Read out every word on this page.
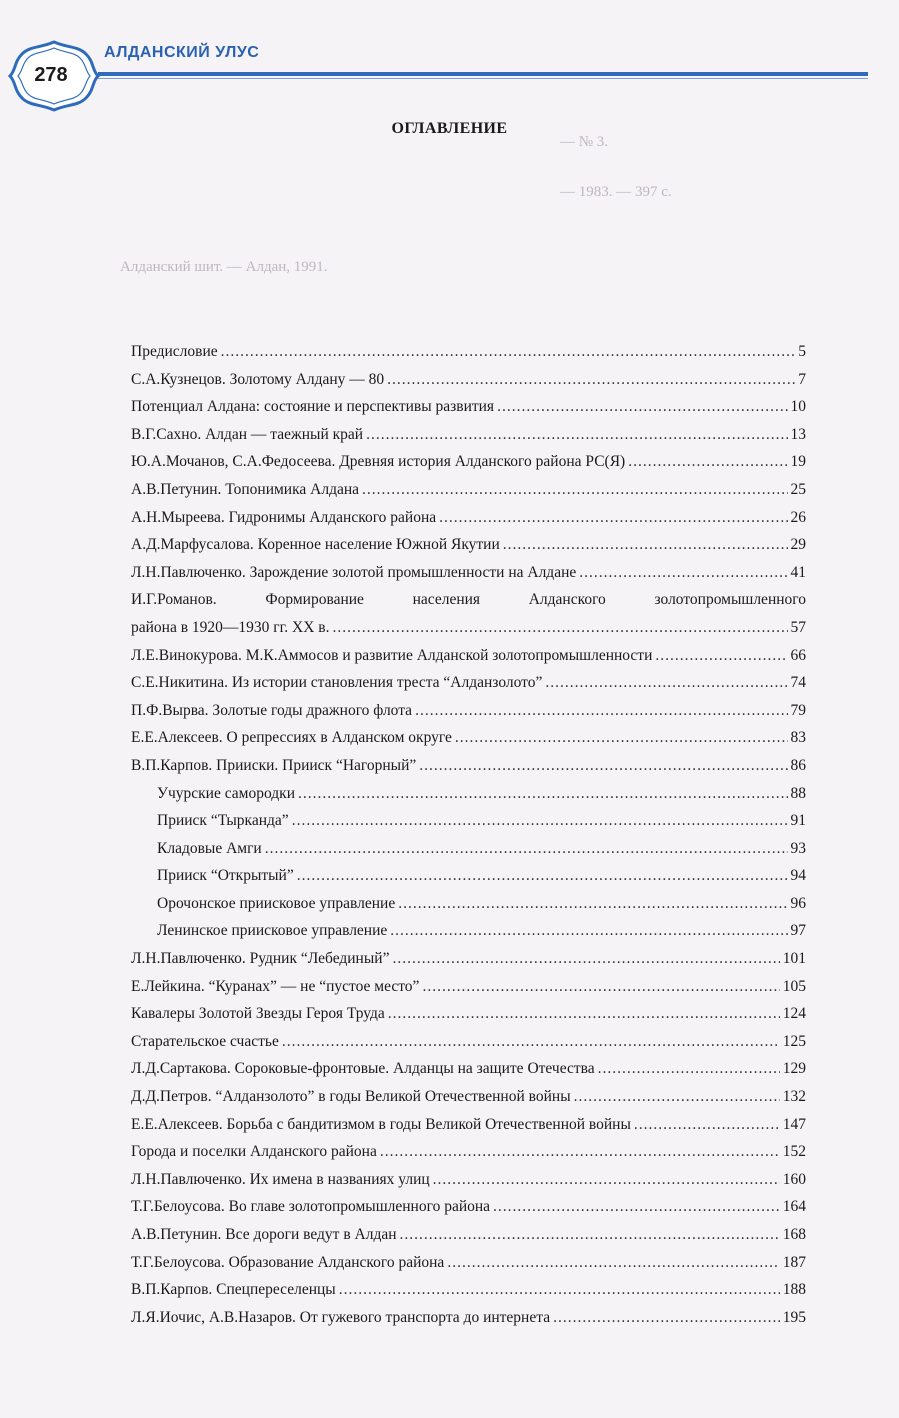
278
АЛДАНСКИЙ УЛУС
— № 3.
— 1983. — 397 с.
Алданский шит. — Алдан, 1991.
ОГЛАВЛЕНИЕ
Предисловие .....	5
С.А.Кузнецов. Золотому Алдану — 80 .....	7
Потенциал Алдана: состояние и перспективы развития .....	10
В.Г.Сахно. Алдан — таежный край .....	13
Ю.А.Мочанов, С.А.Федосеева. Древняя история Алданского района РС(Я) .....	19
А.В.Петунин. Топонимика Алдана .....	25
А.Н.Мыреева. Гидронимы Алданского района .....	26
А.Д.Марфусалова. Коренное население Южной Якутии .....	29
Л.Н.Павлюченко. Зарождение золотой промышленности на Алдане .....	41
И.Г.Романов. Формирование населения Алданского золотопромышленного
района в 1920—1930 гг. XX в. .....	57
Л.Е.Винокурова. М.К.Аммосов и развитие Алданской золотопромышленности .....	66
С.Е.Никитина. Из истории становления треста “Алданзолото” .....	74
П.Ф.Вырва. Золотые годы дражного флота .....	79
Е.Е.Алексеев. О репрессиях в Алданском округе .....	83
В.П.Карпов. Прииски. Прииск “Нагорный” .....	86
Учурские самородки .....	88
Прииск “Тырканда” .....	91
Кладовые Амги .....	93
Прииск “Открытый” .....	94
Орочонское приисковое управление .....	96
Ленинское приисковое управление .....	97
Л.Н.Павлюченко. Рудник “Лебединый” .....	101
Е.Лейкина. “Куранах” — не “пустое место” .....	105
Кавалеры Золотой Звезды Героя Труда .....	124
Старательское счастье .....	125
Л.Д.Сартакова. Сороковые-фронтовые. Алданцы на защите Отечества .....	129
Д.Д.Петров. “Алданзолото” в годы Великой Отечественной войны .....	132
Е.Е.Алексеев. Борьба с бандитизмом в годы Великой Отечественной войны .....	147
Города и поселки Алданского района .....	152
Л.Н.Павлюченко. Их имена в названиях улиц .....	160
Т.Г.Белоусова. Во главе золотопромышленного района .....	164
А.В.Петунин. Все дороги ведут в Алдан .....	168
Т.Г.Белоусова. Образование Алданского района .....	187
В.П.Карпов. Спецпереселенцы .....	188
Л.Я.Иочис, А.В.Назаров. От гужевого транспорта до интернета .....	195
